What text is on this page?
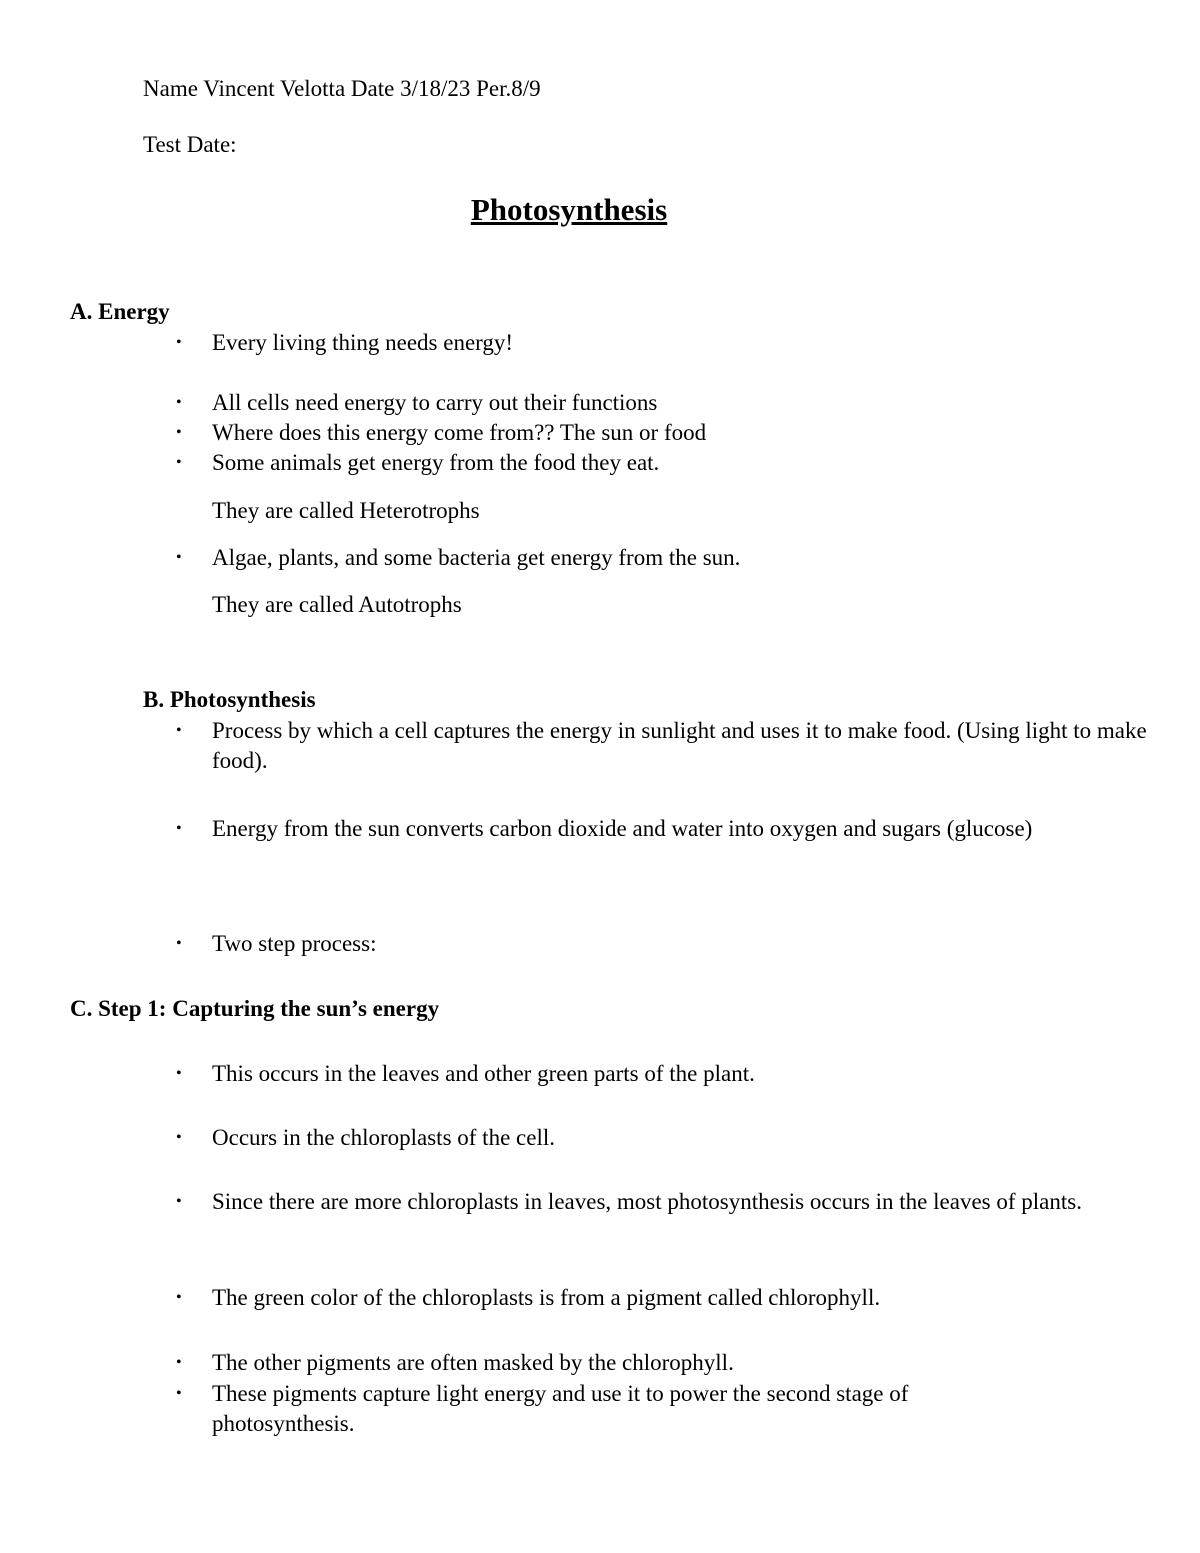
Name Vincent Velotta Date 3/18/23 Per.8/9
Test Date:
Photosynthesis
A. Energy
• Every living thing needs energy!
• All cells need energy to carry out their functions
• Where does this energy come from?? The sun or food
• Some animals get energy from the food they eat.
They are called Heterotrophs
• Algae, plants, and some bacteria get energy from the sun.
They are called Autotrophs
B. Photosynthesis
• Process by which a cell captures the energy in sunlight and uses it to make food. (Using light to make food).
• Energy from the sun converts carbon dioxide and water into oxygen and sugars (glucose)
• Two step process:
C. Step 1: Capturing the sun’s energy
• This occurs in the leaves and other green parts of the plant.
• Occurs in the chloroplasts of the cell.
• Since there are more chloroplasts in leaves, most photosynthesis occurs in the leaves of plants.
• The green color of the chloroplasts is from a pigment called chlorophyll.
• The other pigments are often masked by the chlorophyll.
• These pigments capture light energy and use it to power the second stage of photosynthesis.
